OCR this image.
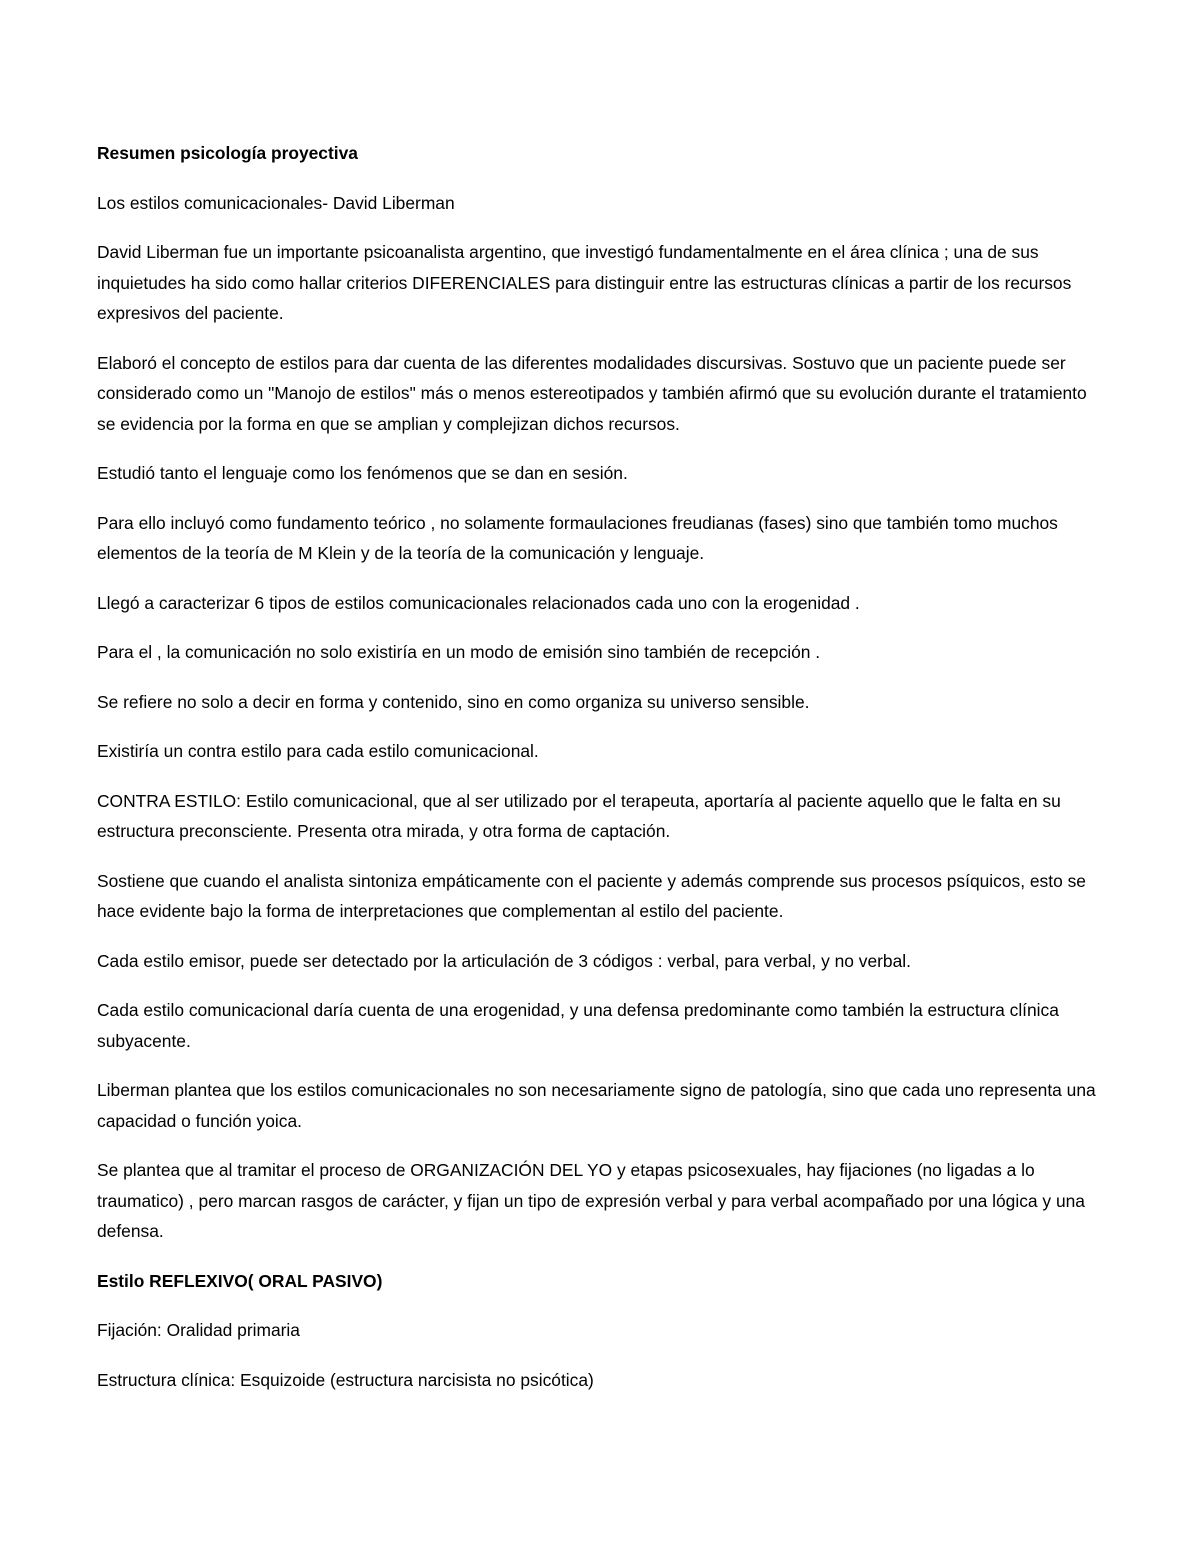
Resumen psicología proyectiva

Los estilos comunicacionales- David Liberman

David Liberman fue un importante psicoanalista argentino, que investigó fundamentalmente en el área clínica ; una de sus inquietudes ha sido como hallar criterios DIFERENCIALES para distinguir entre las estructuras clínicas a partir de los recursos expresivos del paciente.

Elaboró el concepto de estilos para dar cuenta de las diferentes modalidades discursivas. Sostuvo que un paciente puede ser considerado como un "Manojo de estilos" más o menos estereotipados y también afirmó que su evolución durante el tratamiento se evidencia por la forma en que se amplian y complejizan dichos recursos.

Estudió tanto el lenguaje como los fenómenos que se dan en sesión.

Para ello incluyó como fundamento teórico , no solamente formaulaciones freudianas (fases) sino que también tomo muchos elementos de la teoría de M Klein y de la teoría de la comunicación y lenguaje.

Llegó a caracterizar 6 tipos de estilos comunicacionales relacionados cada uno con la erogenidad .

Para el , la comunicación no solo existiría en un modo de emisión sino también de recepción .

Se refiere no solo a decir en forma y contenido, sino en como organiza su universo sensible.

Existiría un contra estilo para cada estilo comunicacional.

CONTRA ESTILO: Estilo comunicacional, que al ser utilizado por el terapeuta, aportaría al paciente aquello que le falta en su estructura preconsciente. Presenta otra mirada, y otra forma de captación.

Sostiene que cuando el analista sintoniza empáticamente con el paciente y además comprende sus procesos psíquicos, esto se hace evidente bajo la forma de interpretaciones que complementan al estilo del paciente.

Cada estilo emisor, puede ser detectado por la articulación de 3 códigos : verbal, para verbal, y no verbal.

Cada estilo comunicacional daría cuenta de una erogenidad, y una defensa predominante como también la estructura clínica subyacente.

Liberman plantea que los estilos comunicacionales no son necesariamente signo de patología, sino que cada uno representa una capacidad o función yoica.

Se plantea que al tramitar el proceso de ORGANIZACIÓN DEL YO y etapas psicosexuales, hay fijaciones (no ligadas a lo traumatico) , pero marcan rasgos de carácter, y fijan un tipo de expresión verbal y para verbal acompañado por una lógica y una defensa.

Estilo REFLEXIVO( ORAL PASIVO)

Fijación: Oralidad primaria

Estructura clínica: Esquizoide (estructura narcisista no psicótica)
